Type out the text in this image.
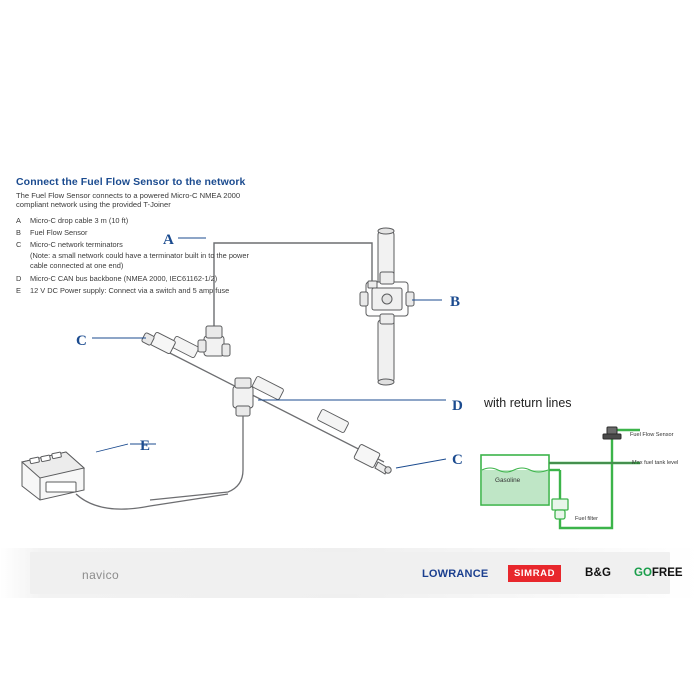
Connect the Fuel Flow Sensor to the network
The Fuel Flow Sensor connects to a powered Micro-C NMEA 2000 compliant network using the provided T-Joiner
A	Micro-C drop cable 3 m (10 ft)
B	Fuel Flow Sensor
C	Micro-C network terminators
(Note: a small network could have a terminator built in to the power cable connected at one end)
D	Micro-C CAN bus backbone (NMEA 2000, IEC61162-1/2)
E	12 V DC Power supply: Connect via a switch and 5 amp fuse
A
B
C
D
E
C
with return lines
Fuel Flow Sensor
Max fuel tank level
Fuel filter
Gasoline
navico	LOWRANCE	SIMRAD	B&G GOFREE
